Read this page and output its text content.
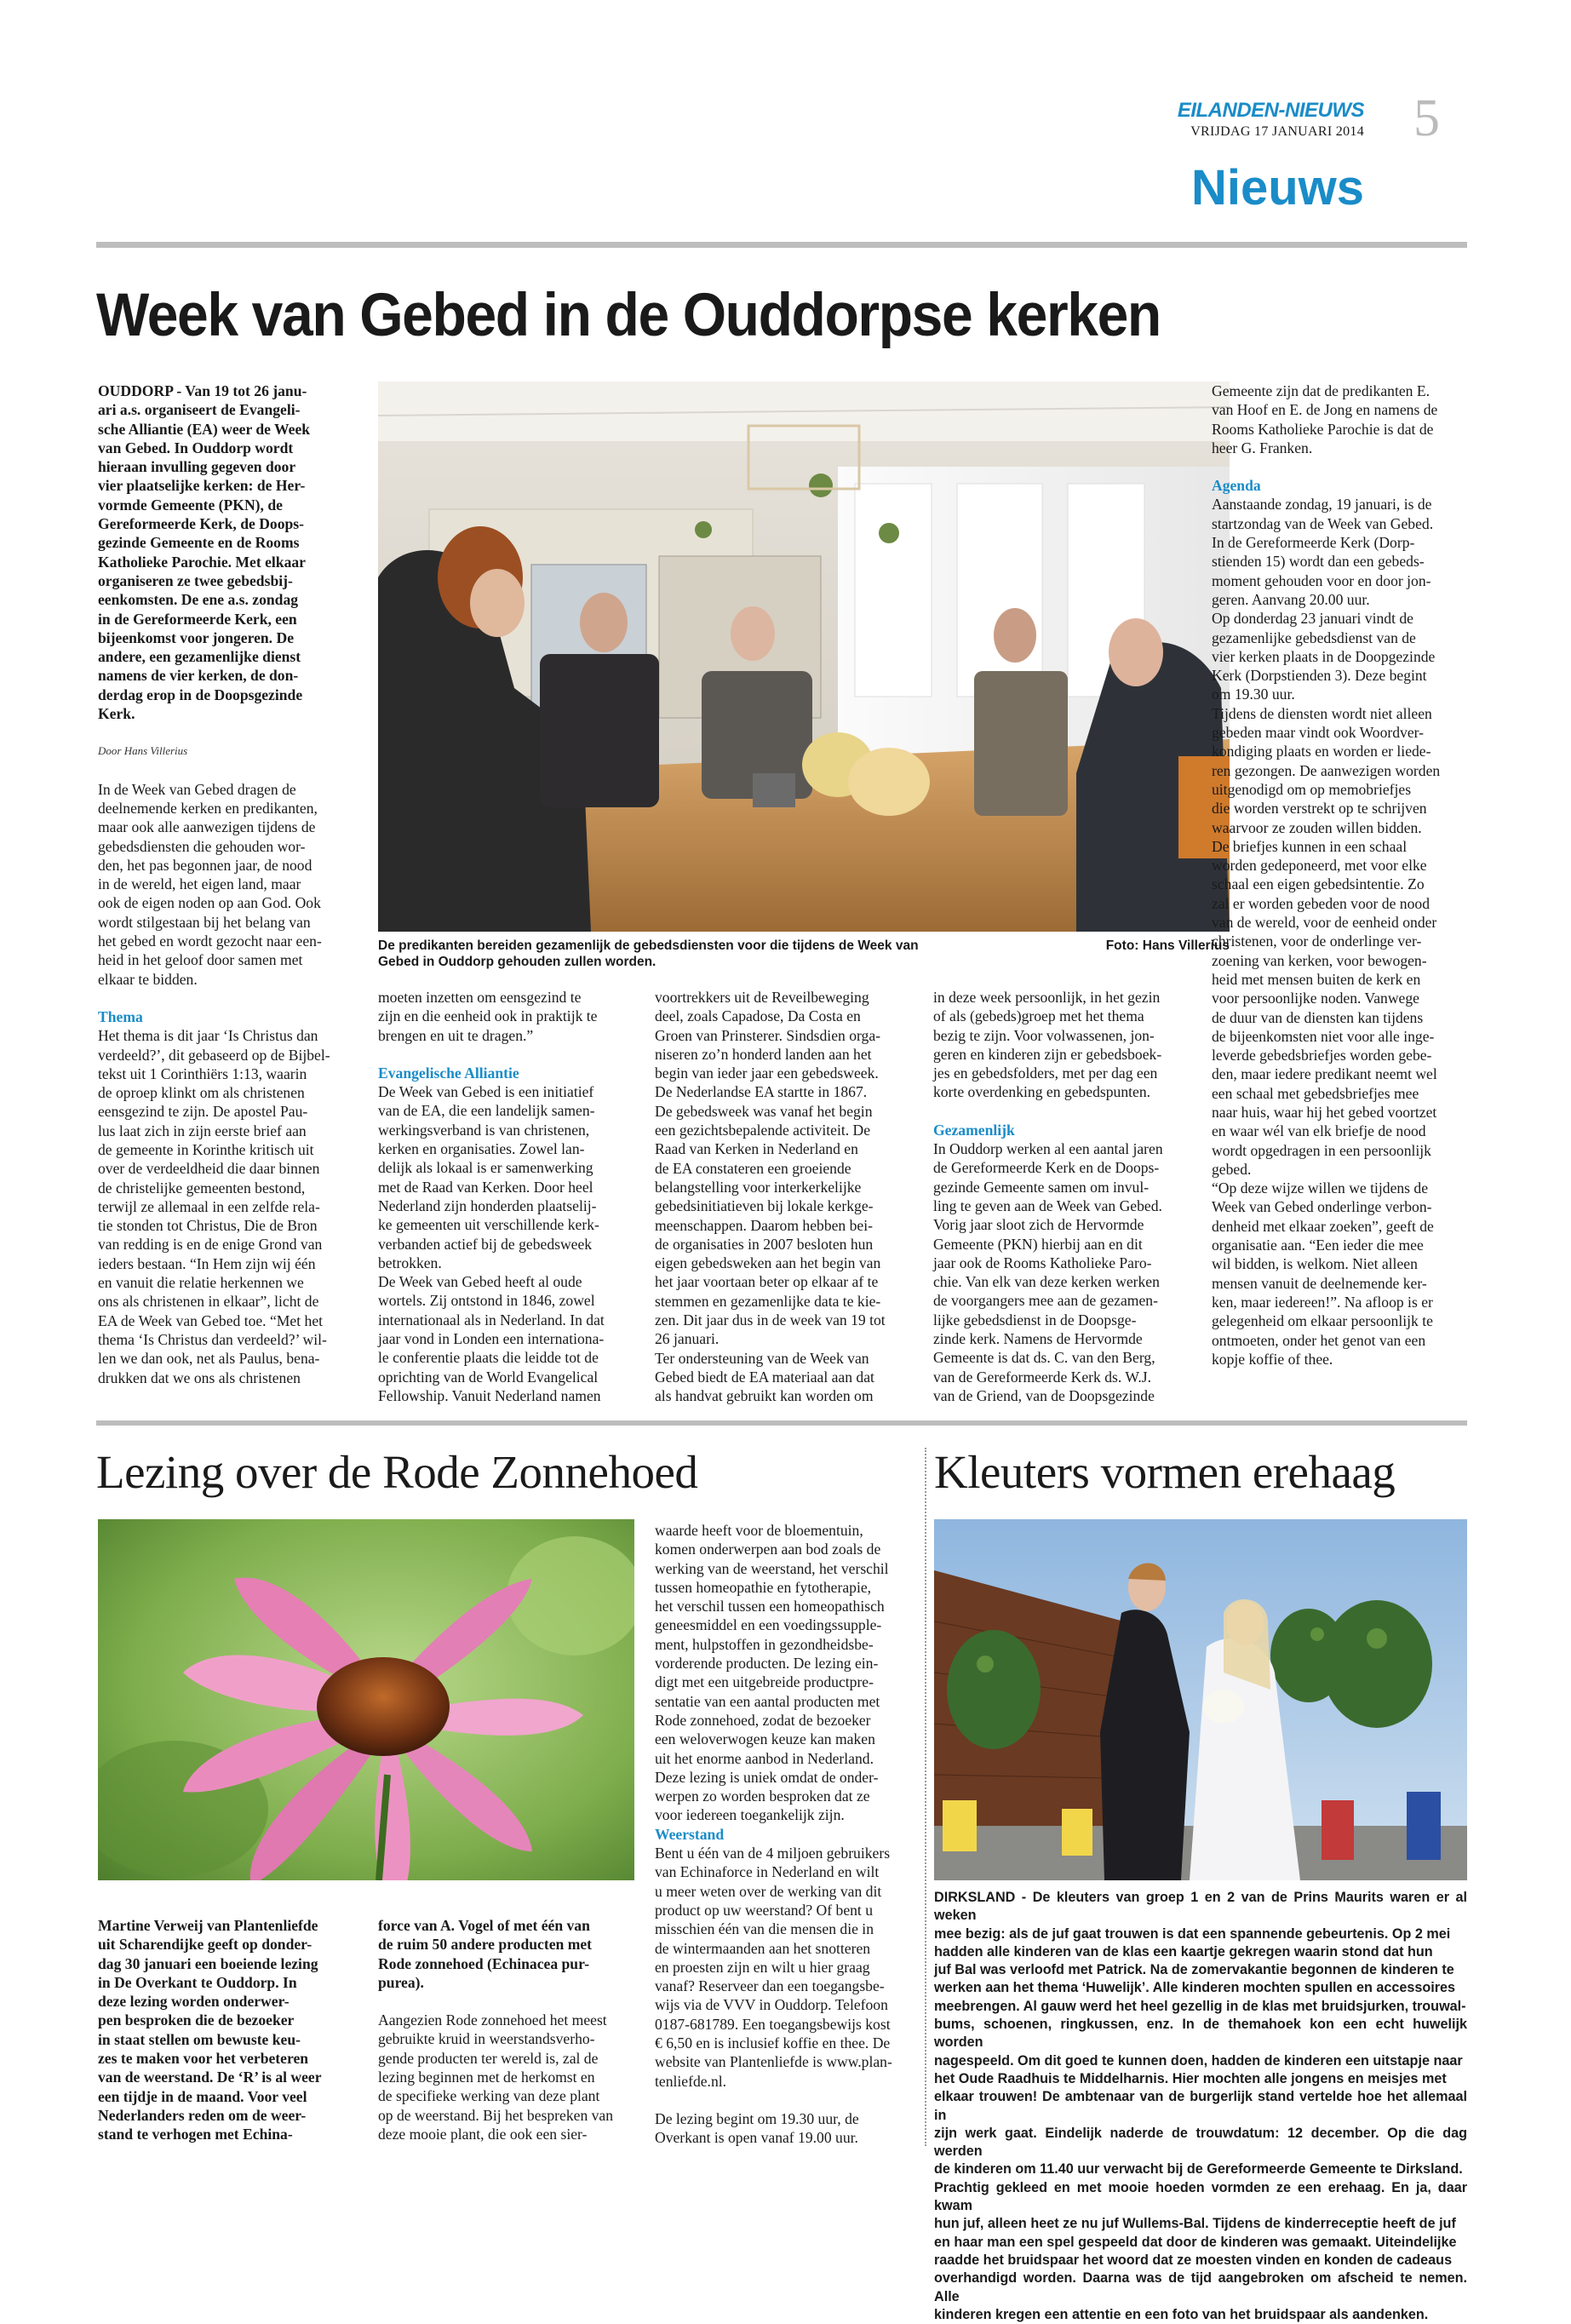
EILANDEN-NIEUWS
VRIJDAG 17 JANUARI 2014 5
Nieuws
Week van Gebed in de Ouddorpse kerken

OUDDORP - Van 19 tot 26 janu-

ari a.s. organiseert de Evangeli-

sche Alliantie (EA) weer de Week

van Gebed. In Ouddorp wordt

hieraan invulling gegeven door

vier plaatselijke kerken: de Her-

vormde Gemeente (PKN), de

Gereformeerde Kerk, de Doops-

gezinde Gemeente en de Rooms

Katholieke Parochie. Met elkaar

organiseren ze twee gebedsbij-

eenkomsten. De ene a.s. zondag

in de Gereformeerde Kerk, een

bijeenkomst voor jongeren. De

andere, een gezamenlijke dienst

namens de vier kerken, de don-

derdag erop in de Doopsgezinde

Kerk.

Door Hans Villerius

In de Week van Gebed dragen de

deelnemende kerken en predikanten,

maar ook alle aanwezigen tijdens de

gebedsdiensten die gehouden wor-

den, het pas begonnen jaar, de nood

in de wereld, het eigen land, maar

ook de eigen noden op aan God. Ook

wordt stilgestaan bij het belang van

het gebed en wordt gezocht naar een-

heid in het geloof door samen met

elkaar te bidden.

Thema

Het thema is dit jaar ‘Is Christus dan

verdeeld?’, dit gebaseerd op de Bijbel-

tekst uit 1 Corinthiërs 1:13, waarin

de oproep klinkt om als christenen

eensgezind te zijn. De apostel Pau-

lus laat zich in zijn eerste brief aan

de gemeente in Korinthe kritisch uit

over de verdeeldheid die daar binnen

de christelijke gemeenten bestond,

terwijl ze allemaal in een zelfde rela-

tie stonden tot Christus, Die de Bron

van redding is en de enige Grond van

ieders bestaan. “In Hem zijn wij één

en vanuit die relatie herkennen we

ons als christenen in elkaar”, licht de

EA de Week van Gebed toe. “Met het

thema ‘Is Christus dan verdeeld?’ wil-

len we dan ook, net als Paulus, bena-

drukken dat we ons als christenen

De predikanten bereiden gezamenlijk de gebedsdiensten voor die tijdens de Week van Gebed in Ouddorp gehouden zullen worden.
Foto: Hans Villerius

moeten inzetten om eensgezind te

zijn en die eenheid ook in praktijk te

brengen en uit te dragen.”

Evangelische Alliantie

De Week van Gebed is een initiatief

van de EA, die een landelijk samen-

werkingsverband is van christenen,

kerken en organisaties. Zowel lan-

delijk als lokaal is er samenwerking

met de Raad van Kerken. Door heel

Nederland zijn honderden plaatselij-

ke gemeenten uit verschillende kerk-

verbanden actief bij de gebedsweek

betrokken.

De Week van Gebed heeft al oude

wortels. Zij ontstond in 1846, zowel

internationaal als in Nederland. In dat

jaar vond in Londen een internationa-

le conferentie plaats die leidde tot de

oprichting van de World Evangelical

Fellowship. Vanuit Nederland namen

voortrekkers uit de Reveilbeweging

deel, zoals Capadose, Da Costa en

Groen van Prinsterer. Sindsdien orga-

niseren zo’n honderd landen aan het

begin van ieder jaar een gebedsweek.

De Nederlandse EA startte in 1867.

De gebedsweek was vanaf het begin

een gezichtsbepalende activiteit. De

Raad van Kerken in Nederland en

de EA constateren een groeiende

belangstelling voor interkerkelijke

gebedsinitiatieven bij lokale kerkge-

meenschappen. Daarom hebben bei-

de organisaties in 2007 besloten hun

eigen gebedsweken aan het begin van

het jaar voortaan beter op elkaar af te

stemmen en gezamenlijke data te kie-

zen. Dit jaar dus in de week van 19 tot

26 januari.

Ter ondersteuning van de Week van

Gebed biedt de EA materiaal aan dat

als handvat gebruikt kan worden om

in deze week persoonlijk, in het gezin

of als (gebeds)groep met het thema

bezig te zijn. Voor volwassenen, jon-

geren en kinderen zijn er gebedsboek-

jes en gebedsfolders, met per dag een

korte overdenking en gebedspunten.

Gezamenlijk

In Ouddorp werken al een aantal jaren

de Gereformeerde Kerk en de Doops-

gezinde Gemeente samen om invul-

ling te geven aan de Week van Gebed.

Vorig jaar sloot zich de Hervormde

Gemeente (PKN) hierbij aan en dit

jaar ook de Rooms Katholieke Paro-

chie. Van elk van deze kerken werken

de voorgangers mee aan de gezamen-

lijke gebedsdienst in de Doopsge-

zinde kerk. Namens de Hervormde

Gemeente is dat ds. C. van den Berg,

van de Gereformeerde Kerk ds. W.J.

van de Griend, van de Doopsgezinde

Gemeente zijn dat de predikanten E.

van Hoof en E. de Jong en namens de

Rooms Katholieke Parochie is dat de

heer G. Franken.

Agenda

Aanstaande zondag, 19 januari, is de

startzondag van de Week van Gebed.

In de Gereformeerde Kerk (Dorp-

stienden 15) wordt dan een gebeds-

moment gehouden voor en door jon-

geren. Aanvang 20.00 uur.

Op donderdag 23 januari vindt de

gezamenlijke gebedsdienst van de

vier kerken plaats in de Doopgezinde

Kerk (Dorpstienden 3). Deze begint

om 19.30 uur.

Tijdens de diensten wordt niet alleen

gebeden maar vindt ook Woordver-

kondiging plaats en worden er liede-

ren gezongen. De aanwezigen worden

uitgenodigd om op memobriefjes

die worden verstrekt op te schrijven

waarvoor ze zouden willen bidden.

De briefjes kunnen in een schaal

worden gedeponeerd, met voor elke

schaal een eigen gebedsintentie. Zo

zal er worden gebeden voor de nood

van de wereld, voor de eenheid onder

christenen, voor de onderlinge ver-

zoening van kerken, voor bewogen-

heid met mensen buiten de kerk en

voor persoonlijke noden. Vanwege

de duur van de diensten kan tijdens

de bijeenkomsten niet voor alle inge-

leverde gebedsbriefjes worden gebe-

den, maar iedere predikant neemt wel

een schaal met gebedsbriefjes mee

naar huis, waar hij het gebed voortzet

en waar wél van elk briefje de nood

wordt opgedragen in een persoonlijk

gebed.

“Op deze wijze willen we tijdens de

Week van Gebed onderlinge verbon-

denheid met elkaar zoeken”, geeft de

organisatie aan. “Een ieder die mee

wil bidden, is welkom. Niet alleen

mensen vanuit de deelnemende ker-

ken, maar iedereen!”. Na afloop is er

gelegenheid om elkaar persoonlijk te

ontmoeten, onder het genot van een

kopje koffie of thee.

Lezing over de Rode Zonnehoed

Martine Verweij van Plantenliefde

uit Scharendijke geeft op donder-

dag 30 januari een boeiende lezing

in De Overkant te Ouddorp. In

deze lezing worden onderwer-

pen besproken die de bezoeker

in staat stellen om bewuste keu-

zes te maken voor het verbeteren

van de weerstand. De ‘R’ is al weer

een tijdje in de maand. Voor veel

Nederlanders reden om de weer-

stand te verhogen met Echina-

force van A. Vogel of met één van

de ruim 50 andere producten met

Rode zonnehoed (Echinacea pur-

purea).

Aangezien Rode zonnehoed het meest

gebruikte kruid in weerstandsverho-

gende producten ter wereld is, zal de

lezing beginnen met de herkomst en

de specifieke werking van deze plant

op de weerstand. Bij het bespreken van

deze mooie plant, die ook een sier-

waarde heeft voor de bloementuin,

komen onderwerpen aan bod zoals de

werking van de weerstand, het verschil

tussen homeopathie en fytotherapie,

het verschil tussen een homeopathisch

geneesmiddel en een voedingssupple-

ment, hulpstoffen in gezondheidsbe-

vorderende producten. De lezing ein-

digt met een uitgebreide productpre-

sentatie van een aantal producten met

Rode zonnehoed, zodat de bezoeker

een weloverwogen keuze kan maken

uit het enorme aanbod in Nederland.

Deze lezing is uniek omdat de onder-

werpen zo worden besproken dat ze

voor iedereen toegankelijk zijn.

Weerstand

Bent u één van de 4 miljoen gebruikers

van Echinaforce in Nederland en wilt

u meer weten over de werking van dit

product op uw weerstand? Of bent u

misschien één van die mensen die in

de wintermaanden aan het snotteren

en proesten zijn en wilt u hier graag

vanaf? Reserveer dan een toegangsbe-

wijs via de VVV in Ouddorp. Telefoon

0187-681789. Een toegangsbewijs kost

€ 6,50 en is inclusief koffie en thee. De

website van Plantenliefde is www.plan-

tenliefde.nl.

De lezing begint om 19.30 uur, de

Overkant is open vanaf 19.00 uur.

Kleuters vormen erehaag

DIRKSLAND - De kleuters van groep 1 en 2 van de Prins Maurits waren er al weken

mee bezig: als de juf gaat trouwen is dat een spannende gebeurtenis. Op 2 mei

hadden alle kinderen van de klas een kaartje gekregen waarin stond dat hun

juf Bal was verloofd met Patrick. Na de zomervakantie begonnen de kinderen te

werken aan het thema ‘Huwelijk’. Alle kinderen mochten spullen en accessoires

meebrengen. Al gauw werd het heel gezellig in de klas met bruidsjurken, trouwal-

bums, schoenen, ringkussen, enz. In de themahoek kon een echt huwelijk worden

nagespeeld. Om dit goed te kunnen doen, hadden de kinderen een uitstapje naar

het Oude Raadhuis te Middelharnis. Hier mochten alle jongens en meisjes met

elkaar trouwen! De ambtenaar van de burgerlijk stand vertelde hoe het allemaal in

zijn werk gaat. Eindelijk naderde de trouwdatum: 12 december. Op die dag werden

de kinderen om 11.40 uur verwacht bij de Gereformeerde Gemeente te Dirksland.

Prachtig gekleed en met mooie hoeden vormden ze een erehaag. En ja, daar kwam

hun juf, alleen heet ze nu juf Wullems-Bal. Tijdens de kinderreceptie heeft de juf

en haar man een spel gespeeld dat door de kinderen was gemaakt. Uiteindelijke

raadde het bruidspaar het woord dat ze moesten vinden en konden de cadeaus

overhandigd worden. Daarna was de tijd aangebroken om afscheid te nemen. Alle

kinderen kregen een attentie en een foto van het bruidspaar als aandenken.
